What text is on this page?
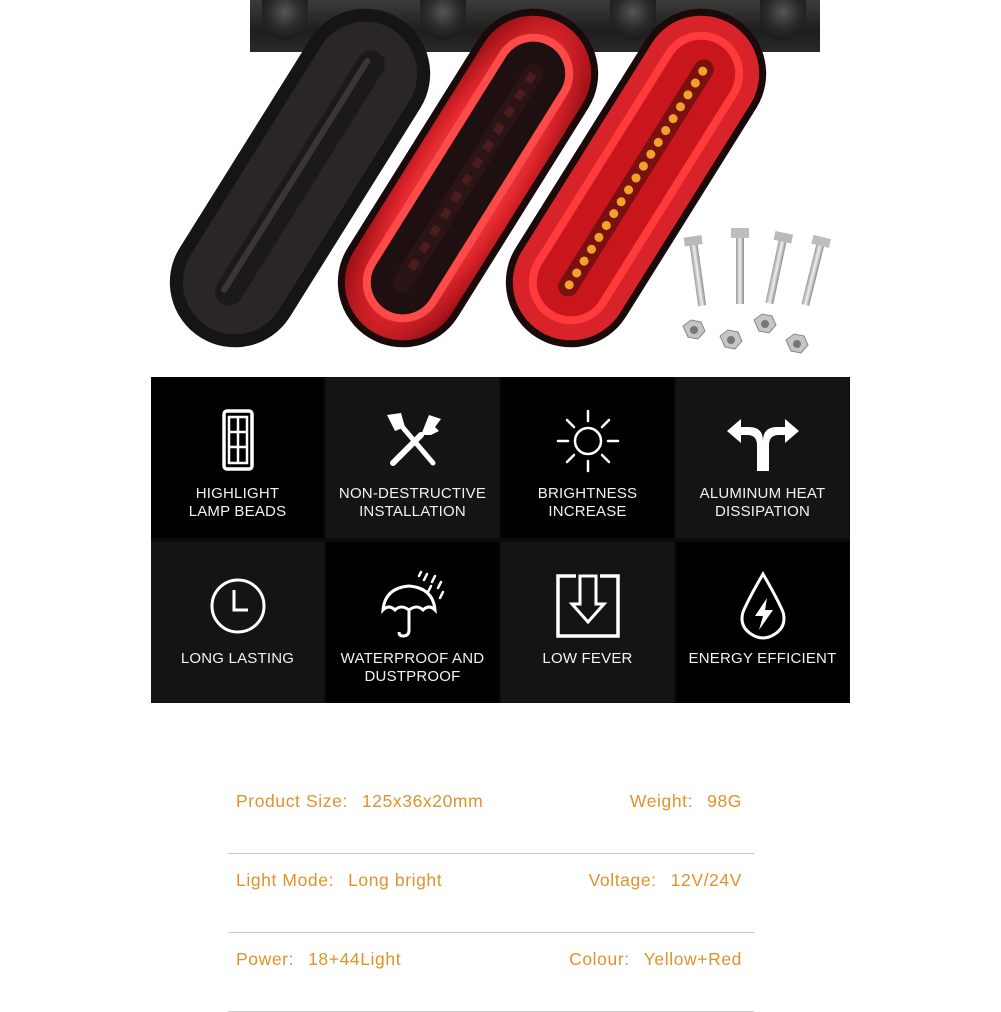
HIGHLIGHT
LAMP BEADS
NON-DESTRUCTIVE
INSTALLATION
BRIGHTNESS
INCREASE
ALUMINUM HEAT
DISSIPATION
LONG LASTING	WATERPROOF AND
DUSTPROOF
LOW FEVER	ENERGY EFFICIENT
Product Size: 125x36x20mm	Weight: 98G
Light Mode: Long bright	Voltage: 12V/24V
Power: 18+44Light	Colour: Yellow+Red
